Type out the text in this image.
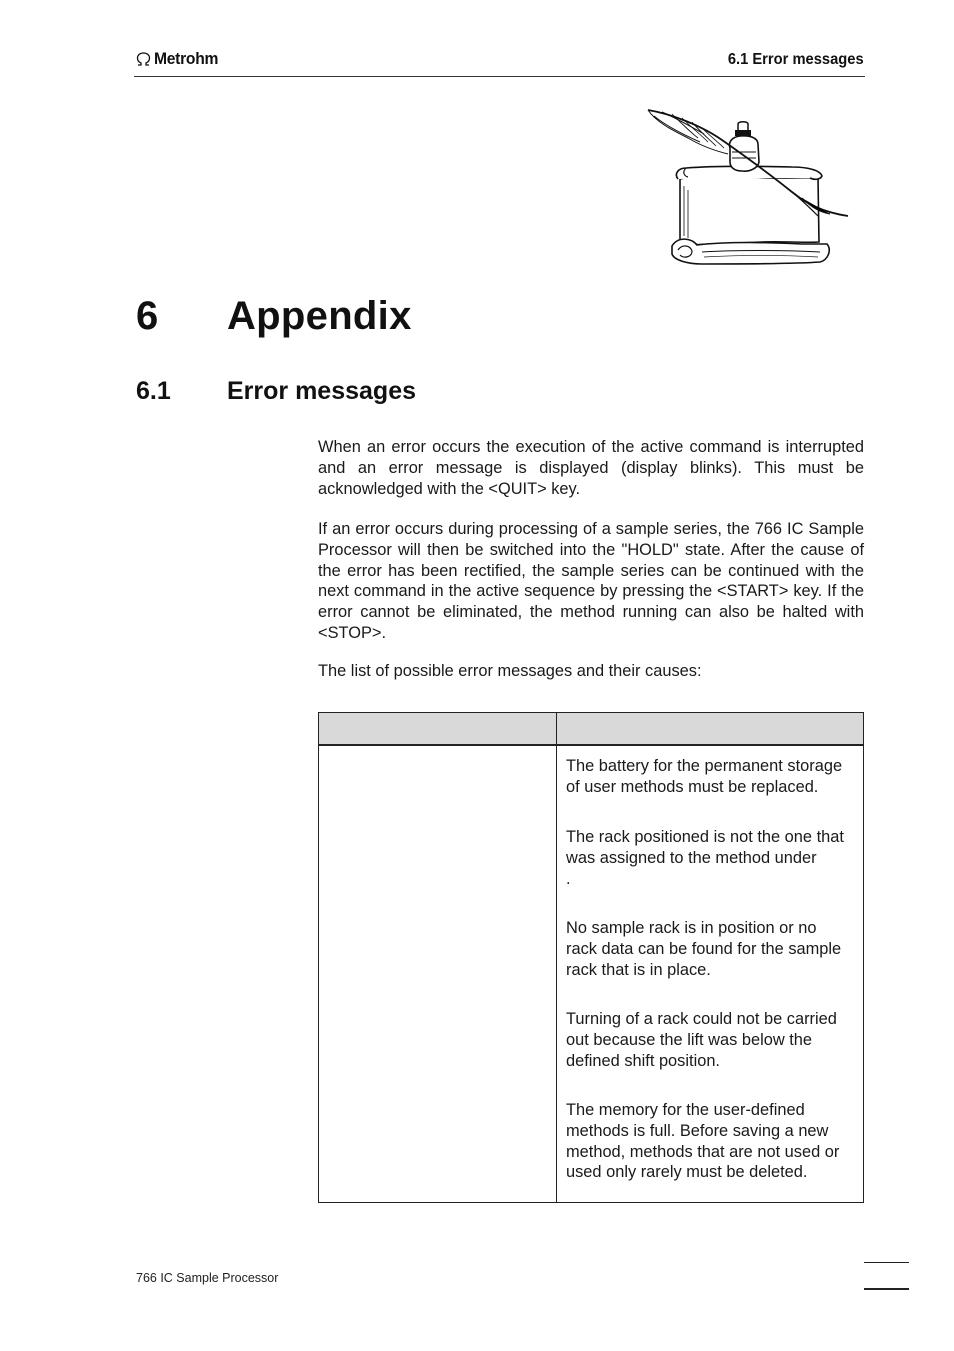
Metrohm	6.1 Error messages
6 Appendix
6.1 Error messages
When an error occurs the execution of the active command is interrupted and an error message is displayed (display blinks). This must be acknowledged with the <QUIT> key.
If an error occurs during processing of a sample series, the 766 IC Sample Processor will then be switched into the "HOLD" state. After the cause of the error has been rectified, the sample series can be continued with the next command in the active sequence by pressing the <START> key. If the error cannot be eliminated, the method running can also be halted with <STOP>.
The list of possible error messages and their causes:
The battery for the permanent storage of user methods must be replaced.
The rack positioned is not the one that was assigned to the method under                    .
No sample rack is in position or no rack data can be found for the sample rack that is in place.
Turning of a rack could not be carried out because the lift was below the defined shift position.
The memory for the user-defined methods is full. Before saving a new method, methods that are not used or used only rarely must be deleted.
766 IC Sample Processor
